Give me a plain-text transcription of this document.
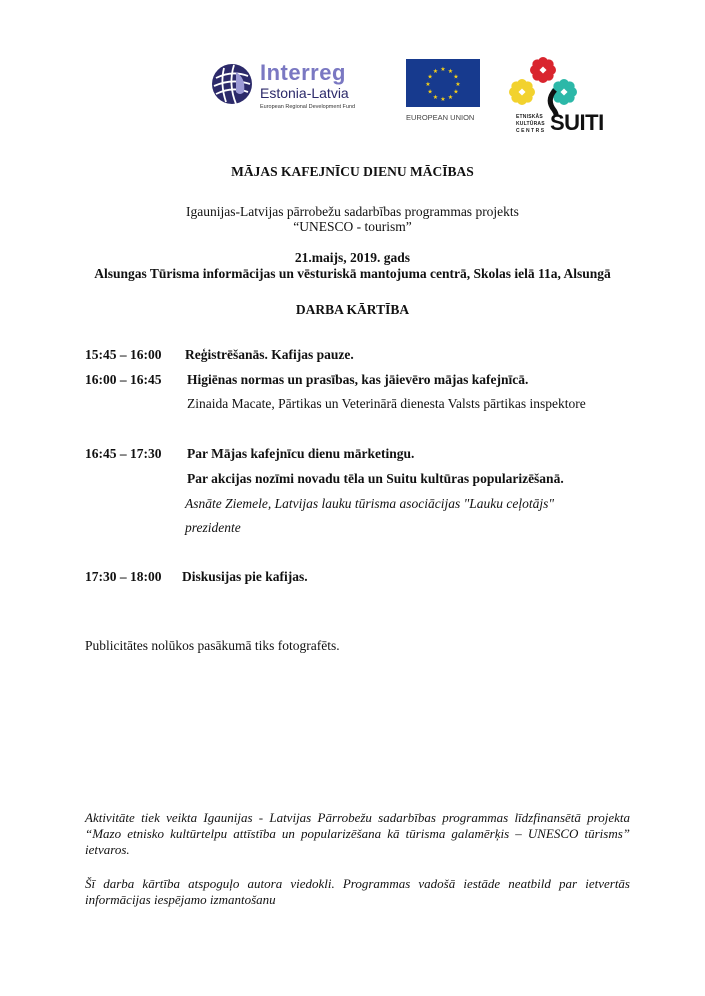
Interreg
Estonia-Latvia
European Regional Development Fund
★ ★
★
★
★
★
★
★
★
★
★
★
EUROPEAN UNION	ETNISKĀS
KULTŪRAS
CENTRS SUITI
MĀJAS KAFEJNĪCU DIENU MĀCĪBAS
Igaunijas-Latvijas pārrobežu sadarbības programmas projekts
“UNESCO - tourism”
21.maijs, 2019. gads
Alsungas Tūrisma informācijas un vēsturiskā mantojuma centrā, Skolas ielā 11a, Alsungā
DARBA KĀRTĪBA
15:45 – 16:00 Reģistrēšanās. Kafijas pauze.
16:00 – 16:45 Higiēnas normas un prasības, kas jāievēro mājas kafejnīcā.
Zinaida Macate, Pārtikas un Veterinārā dienesta Valsts pārtikas inspektore
16:45 – 17:30 Par Mājas kafejnīcu dienu mārketingu.
Par akcijas nozīmi novadu tēla un Suitu kultūras popularizēšanā.
Asnāte Ziemele, Latvijas lauku tūrisma asociācijas "Lauku ceļotājs"
prezidente
17:30 – 18:00 Diskusijas pie kafijas.
Publicitātes nolūkos pasākumā tiks fotografēts.
Aktivitāte tiek veikta Igaunijas - Latvijas Pārrobežu sadarbības programmas līdzfinansētā projekta “Mazo etnisko kultūrtelpu attīstība un popularizēšana kā tūrisma galamērķis – UNESCO tūrisms” ietvaros.
Šī darba kārtība atspoguļo autora viedokli. Programmas vadošā iestāde neatbild par ietvertās informācijas iespējamo izmantošanu
